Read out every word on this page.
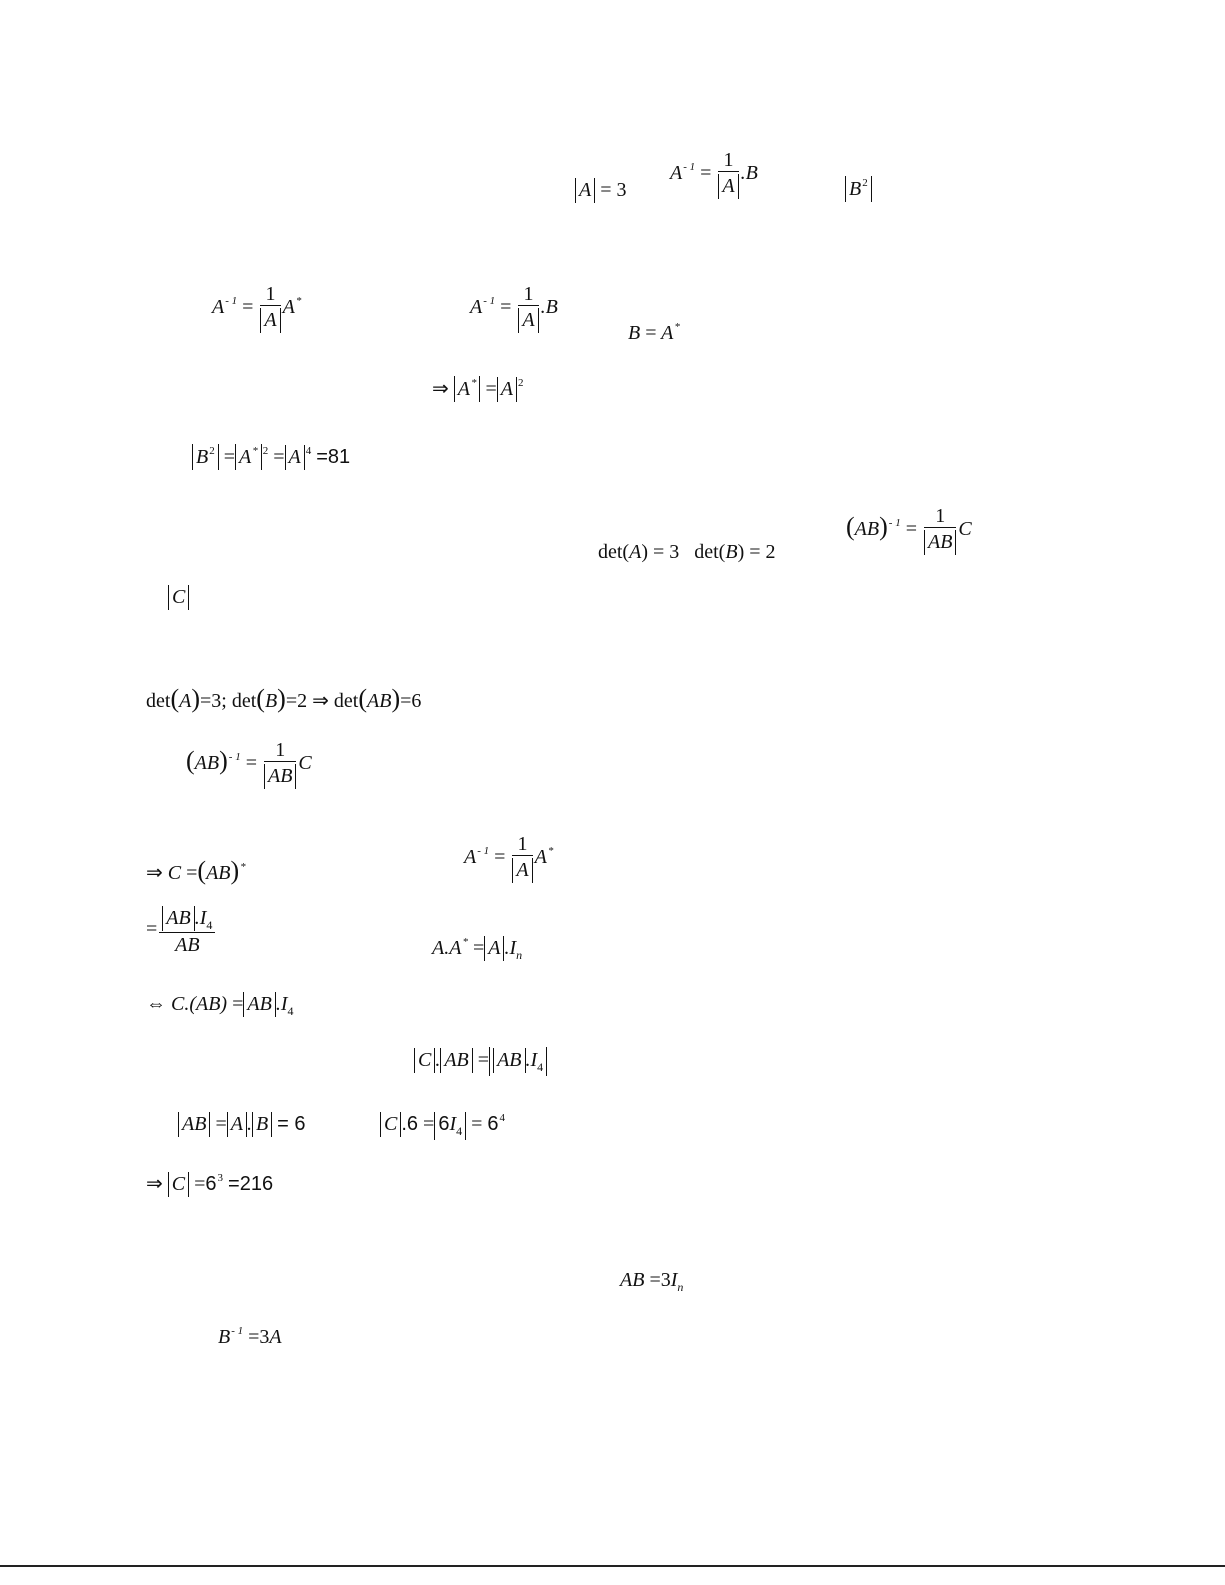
A = 3
$A^{- 1} = \frac{1}{A} .B$
$B^2$
$A^{- 1} = \frac{1}{A} A^*$	$A^{- 1} = \frac{1}{A} .B$
B = A*
⇒ A* = A $^2$
$B^2 = A^*$ $^2$ = A $^4$ =81
det(A) = 3   det(B) = 2
$(AB)^{- 1} = \frac{1}{AB}$ C
C
det(A)=3; det(B)=2 ⇒ det(AB)=6
$(AB)^{- 1} = \frac{1}{AB}$ C
⇒ C =(AB)*	$A^{- 1} = \frac{1}{A} A^*$
= $\frac{AB .I_4}{AB}$	A.A* = A $.I_n$
⇔ C.(AB) = AB $.I_4$
C . AB = AB $.I_4$
AB = A . B = 6	C $.6 = 6I_4 = 6^4$
⇒ $C =6^3 =216$
AB $=3I_n$
$B^{- 1} =3A$
